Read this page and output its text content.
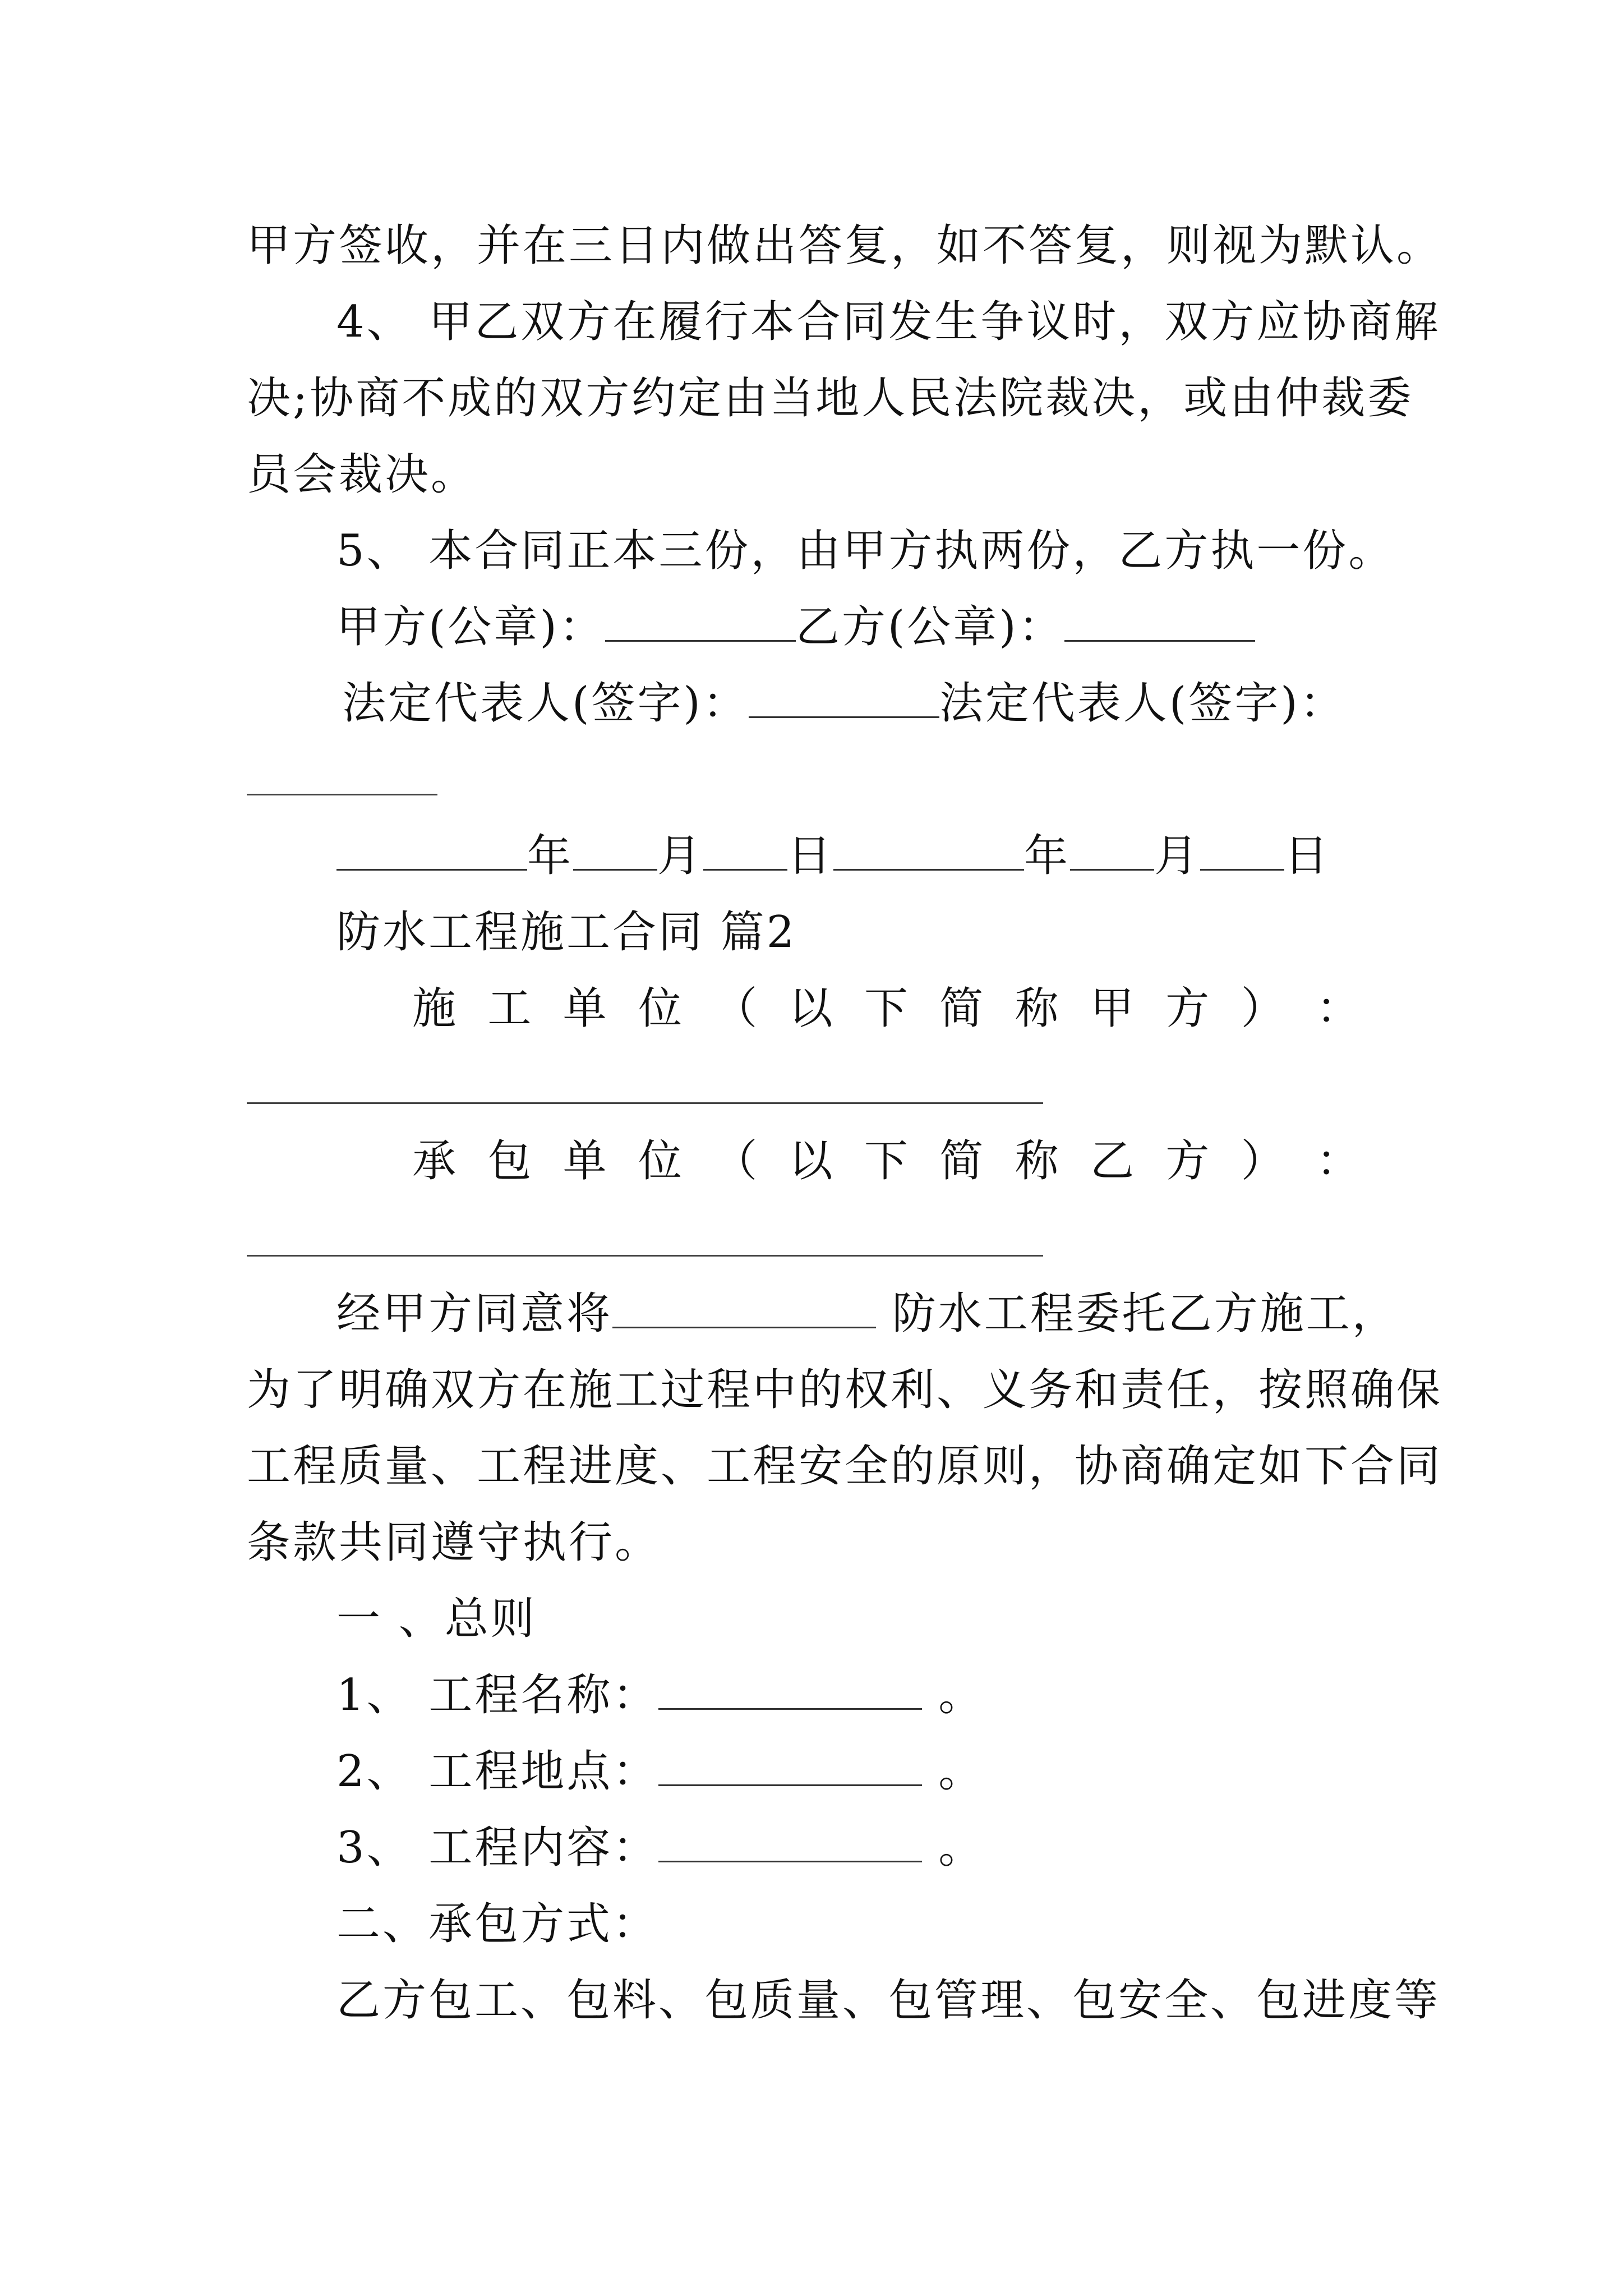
甲方签收，并在三日内做出答复，如不答复，则视为默认。
4、 甲乙双方在履行本合同发生争议时，双方应协商解
决;协商不成的双方约定由当地人民法院裁决，或由仲裁委
员会裁决。
5、 本合同正本三份，由甲方执两份，乙方执一份。
甲方(公章)：	乙方(公章)：
法定代表人(签字)：	法定代表人(签字)：
年 月 日	年 月 日
防水工程施工合同 篇2
施 工 单 位 （ 以 下 简 称 甲 方 ） ：
承 包 单 位 （ 以 下 简 称 乙 方 ） ：
经甲方同意将	防水工程委托乙方施工，
为了明确双方在施工过程中的权利、义务和责任，按照确保
工程质量、工程进度、工程安全的原则，协商确定如下合同
条款共同遵守执行。
一 、总则
1、 工程名称：	。
2、 工程地点：	。
3、 工程内容：	。
二、承包方式：
乙方包工、包料、包质量、包管理、包安全、包进度等
